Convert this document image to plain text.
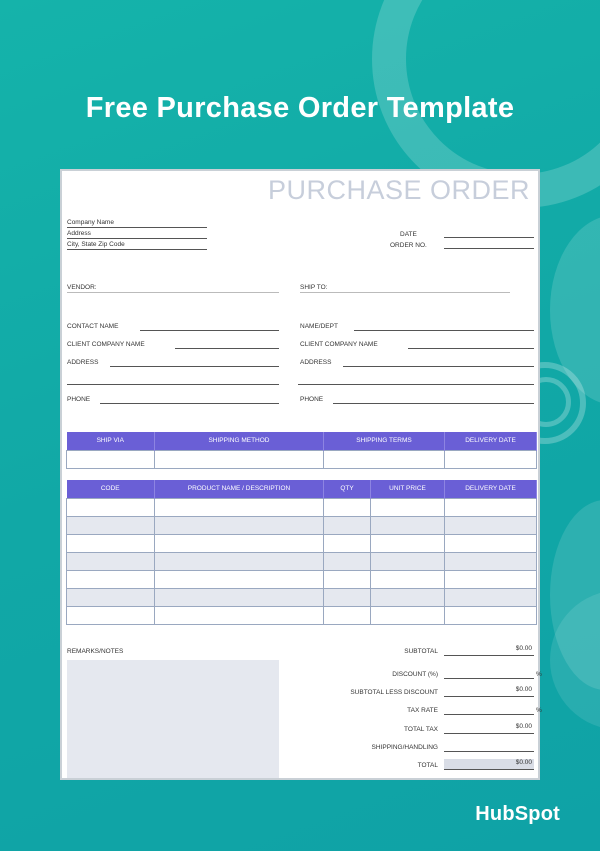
Free Purchase Order Template
PURCHASE ORDER
Company Name
Address
City, State Zip Code
DATE
ORDER NO.
VENDOR:	SHIP TO:
CONTACT NAME
CLIENT COMPANY NAME
ADDRESS
PHONE
NAME/DEPT
CLIENT COMPANY NAME
ADDRESS
PHONE
SHIP VIA	SHIPPING METHOD	SHIPPING TERMS	DELIVERY DATE

CODE	PRODUCT NAME / DESCRIPTION	QTY	UNIT PRICE	DELIVERY DATE

REMARKS/NOTES	SUBTOTAL	$0.00
DISCOUNT (%)	%
SUBTOTAL LESS DISCOUNT	$0.00
TAX RATE	%
TOTAL TAX	$0.00
SHIPPING/HANDLING
TOTAL	$0.00
HubSpot
